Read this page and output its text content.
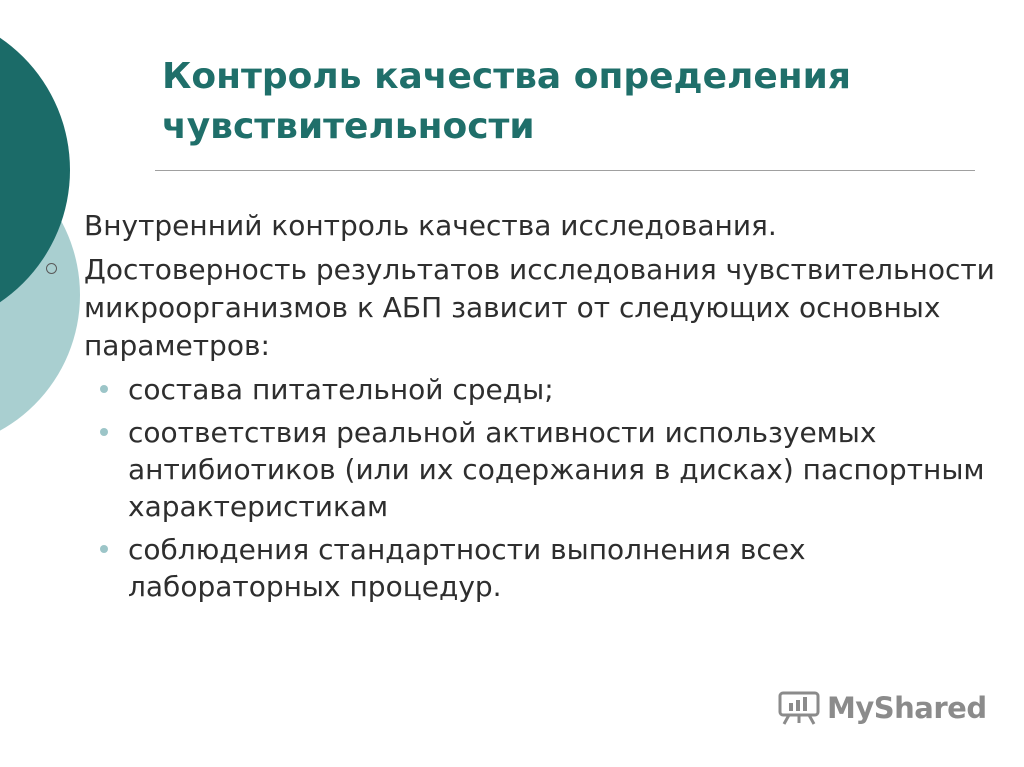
Контроль качества определения
чувствительности
Внутренний контроль качества исследования.
Достоверность результатов исследования чувствительности микроорганизмов к АБП зависит от следующих основных параметров:
состава питательной среды;
соответствия реальной активности используемых антибиотиков (или их содержания в дисках) паспортным характеристикам
соблюдения стандартности выполнения всех лабораторных процедур.
MyShared
